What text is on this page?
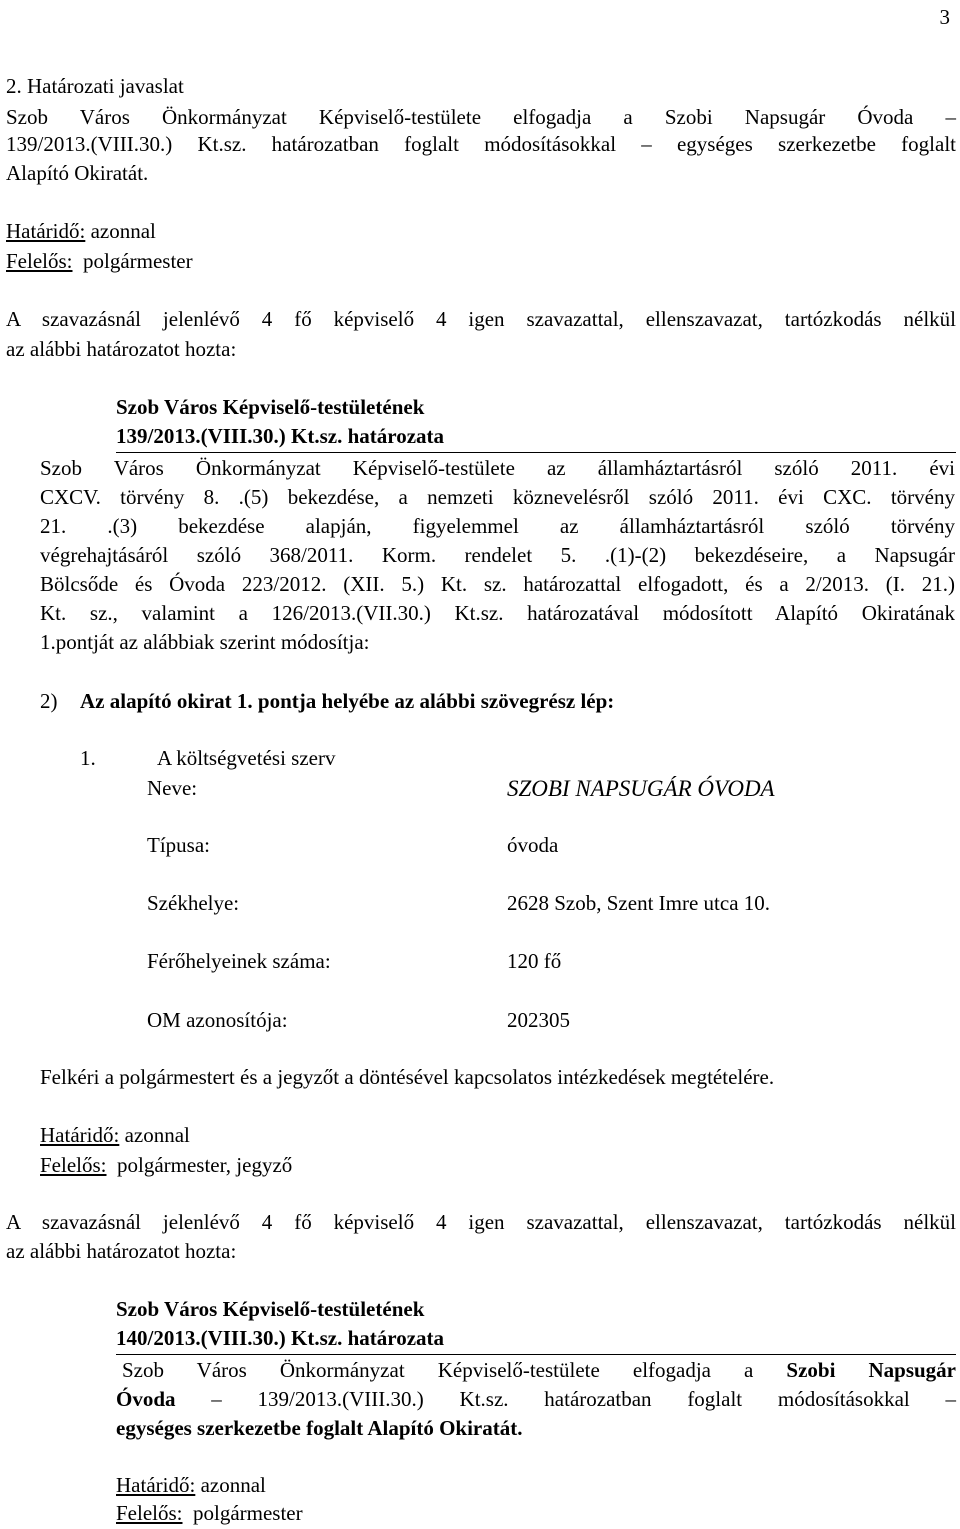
3
2. Határozati javaslat
Szob Város Önkormányzat Képviselő-testülete elfogadja a Szobi Napsugár Óvoda –
139/2013.(VIII.30.) Kt.sz. határozatban foglalt módosításokkal – egységes szerkezetbe foglalt
Alapító Okiratát.
Határidő: azonnal
Felelős:  polgármester
A szavazásnál jelenlévő 4 fő képviselő 4 igen szavazattal, ellenszavazat, tartózkodás nélkül
az alábbi határozatot hozta:
Szob Város Képviselő-testületének
139/2013.(VIII.30.) Kt.sz. határozata
Szob Város Önkormányzat Képviselő-testülete az államháztartásról szóló 2011. évi
CXCV. törvény 8. .(5) bekezdése, a nemzeti köznevelésről szóló 2011. évi CXC. törvény
21. .(3) bekezdése alapján, figyelemmel az államháztartásról szóló törvény
végrehajtásáról szóló 368/2011. Korm. rendelet 5. .(1)-(2) bekezdéseire, a Napsugár
Bölcsőde és Óvoda 223/2012. (XII. 5.) Kt. sz. határozattal elfogadott, és a 2/2013. (I. 21.)
Kt. sz., valamint a 126/2013.(VII.30.) Kt.sz. határozatával módosított Alapító Okiratának
1.pontját az alábbiak szerint módosítja:
2) Az alapító okirat 1. pontja helyébe az alábbi szövegrész lép:
1.	A költségvetési szerv
Neve:	SZOBI NAPSUGÁR ÓVODA
Típusa:	óvoda
Székhelye:	2628 Szob, Szent Imre utca 10.
Férőhelyeinek száma:	120 fő
OM azonosítója:	202305
Felkéri a polgármestert és a jegyzőt a döntésével kapcsolatos intézkedések megtételére.
Határidő: azonnal
Felelős:  polgármester, jegyző
A szavazásnál jelenlévő 4 fő képviselő 4 igen szavazattal, ellenszavazat, tartózkodás nélkül
az alábbi határozatot hozta:
Szob Város Képviselő-testületének
140/2013.(VIII.30.) Kt.sz. határozata
Szob Város Önkormányzat Képviselő-testülete elfogadja a Szobi Napsugár
Óvoda – 139/2013.(VIII.30.) Kt.sz. határozatban foglalt módosításokkal –
egységes szerkezetbe foglalt Alapító Okiratát.
Határidő: azonnal
Felelős:  polgármester
